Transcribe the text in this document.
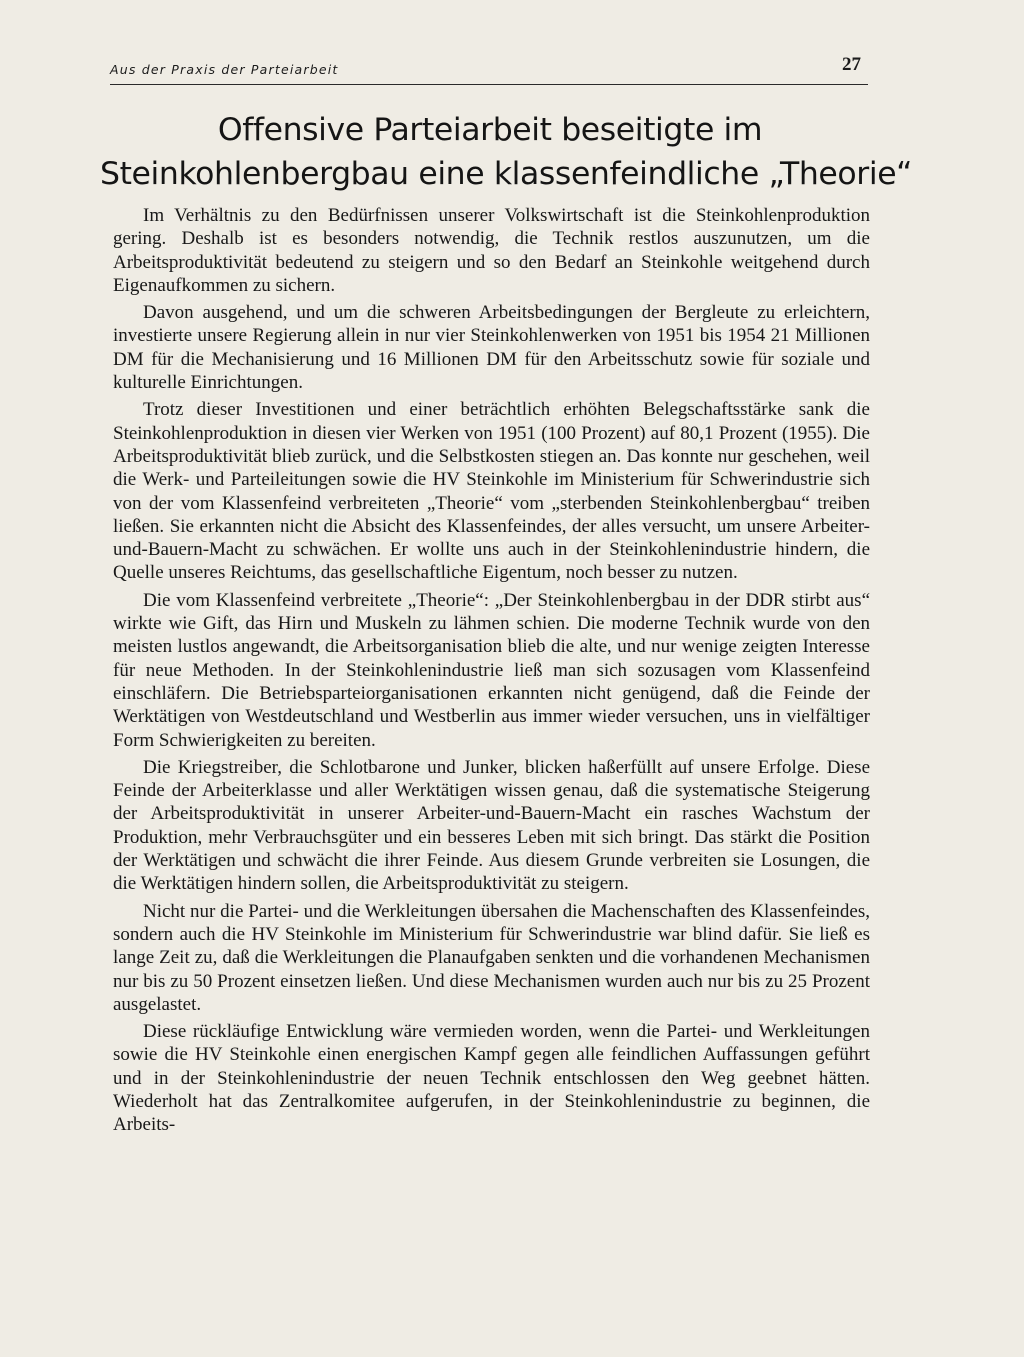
Aus der Praxis der Parteiarbeit	27
Offensive Parteiarbeit beseitigte im
Steinkohlenbergbau eine klassenfeindliche „Theorie“

Im Verhältnis zu den Bedürfnissen unserer Volkswirtschaft ist die Steinkohlenproduktion gering. Deshalb ist es besonders notwendig, die Technik restlos auszunutzen, um die Arbeitsproduktivität bedeutend zu steigern und so den Bedarf an Steinkohle weitgehend durch Eigenaufkommen zu sichern.

Davon ausgehend, und um die schweren Arbeitsbedingungen der Bergleute zu erleichtern, investierte unsere Regierung allein in nur vier Steinkohlenwerken von 1951 bis 1954 21 Millionen DM für die Mechanisierung und 16 Millionen DM für den Arbeitsschutz sowie für soziale und kulturelle Einrichtungen.

Trotz dieser Investitionen und einer beträchtlich erhöhten Belegschaftsstärke sank die Steinkohlenproduktion in diesen vier Werken von 1951 (100 Prozent) auf 80,1 Prozent (1955). Die Arbeitsproduktivität blieb zurück, und die Selbstkosten stiegen an. Das konnte nur geschehen, weil die Werk- und Parteileitungen sowie die HV Steinkohle im Ministerium für Schwerindustrie sich von der vom Klassenfeind verbreiteten „Theorie“ vom „sterbenden Steinkohlenbergbau“ treiben ließen. Sie erkannten nicht die Absicht des Klassenfeindes, der alles versucht, um unsere Arbeiter-und-Bauern-Macht zu schwächen. Er wollte uns auch in der Steinkohlenindustrie hindern, die Quelle unseres Reichtums, das gesellschaftliche Eigentum, noch besser zu nutzen.

Die vom Klassenfeind verbreitete „Theorie“: „Der Steinkohlenbergbau in der DDR stirbt aus“ wirkte wie Gift, das Hirn und Muskeln zu lähmen schien. Die moderne Technik wurde von den meisten lustlos angewandt, die Arbeitsorganisation blieb die alte, und nur wenige zeigten Interesse für neue Methoden. In der Steinkohlenindustrie ließ man sich sozusagen vom Klassenfeind einschläfern. Die Betriebsparteiorganisationen erkannten nicht genügend, daß die Feinde der Werktätigen von Westdeutschland und Westberlin aus immer wieder versuchen, uns in vielfältiger Form Schwierigkeiten zu bereiten.

Die Kriegstreiber, die Schlotbarone und Junker, blicken haßerfüllt auf unsere Erfolge. Diese Feinde der Arbeiterklasse und aller Werktätigen wissen genau, daß die systematische Steigerung der Arbeitsproduktivität in unserer Arbeiter-und-Bauern-Macht ein rasches Wachstum der Produktion, mehr Verbrauchsgüter und ein besseres Leben mit sich bringt. Das stärkt die Position der Werktätigen und schwächt die ihrer Feinde. Aus diesem Grunde verbreiten sie Losungen, die die Werktätigen hindern sollen, die Arbeitsproduktivität zu steigern.

Nicht nur die Partei- und die Werkleitungen übersahen die Machenschaften des Klassenfeindes, sondern auch die HV Steinkohle im Ministerium für Schwerindustrie war blind dafür. Sie ließ es lange Zeit zu, daß die Werkleitungen die Planaufgaben senkten und die vorhandenen Mechanismen nur bis zu 50 Prozent einsetzen ließen. Und diese Mechanismen wurden auch nur bis zu 25 Prozent ausgelastet.

Diese rückläufige Entwicklung wäre vermieden worden, wenn die Partei- und Werkleitungen sowie die HV Steinkohle einen energischen Kampf gegen alle feindlichen Auffassungen geführt und in der Steinkohlenindustrie der neuen Technik entschlossen den Weg geebnet hätten. Wiederholt hat das Zentralkomitee aufgerufen, in der Steinkohlenindustrie zu beginnen, die Arbeits-
